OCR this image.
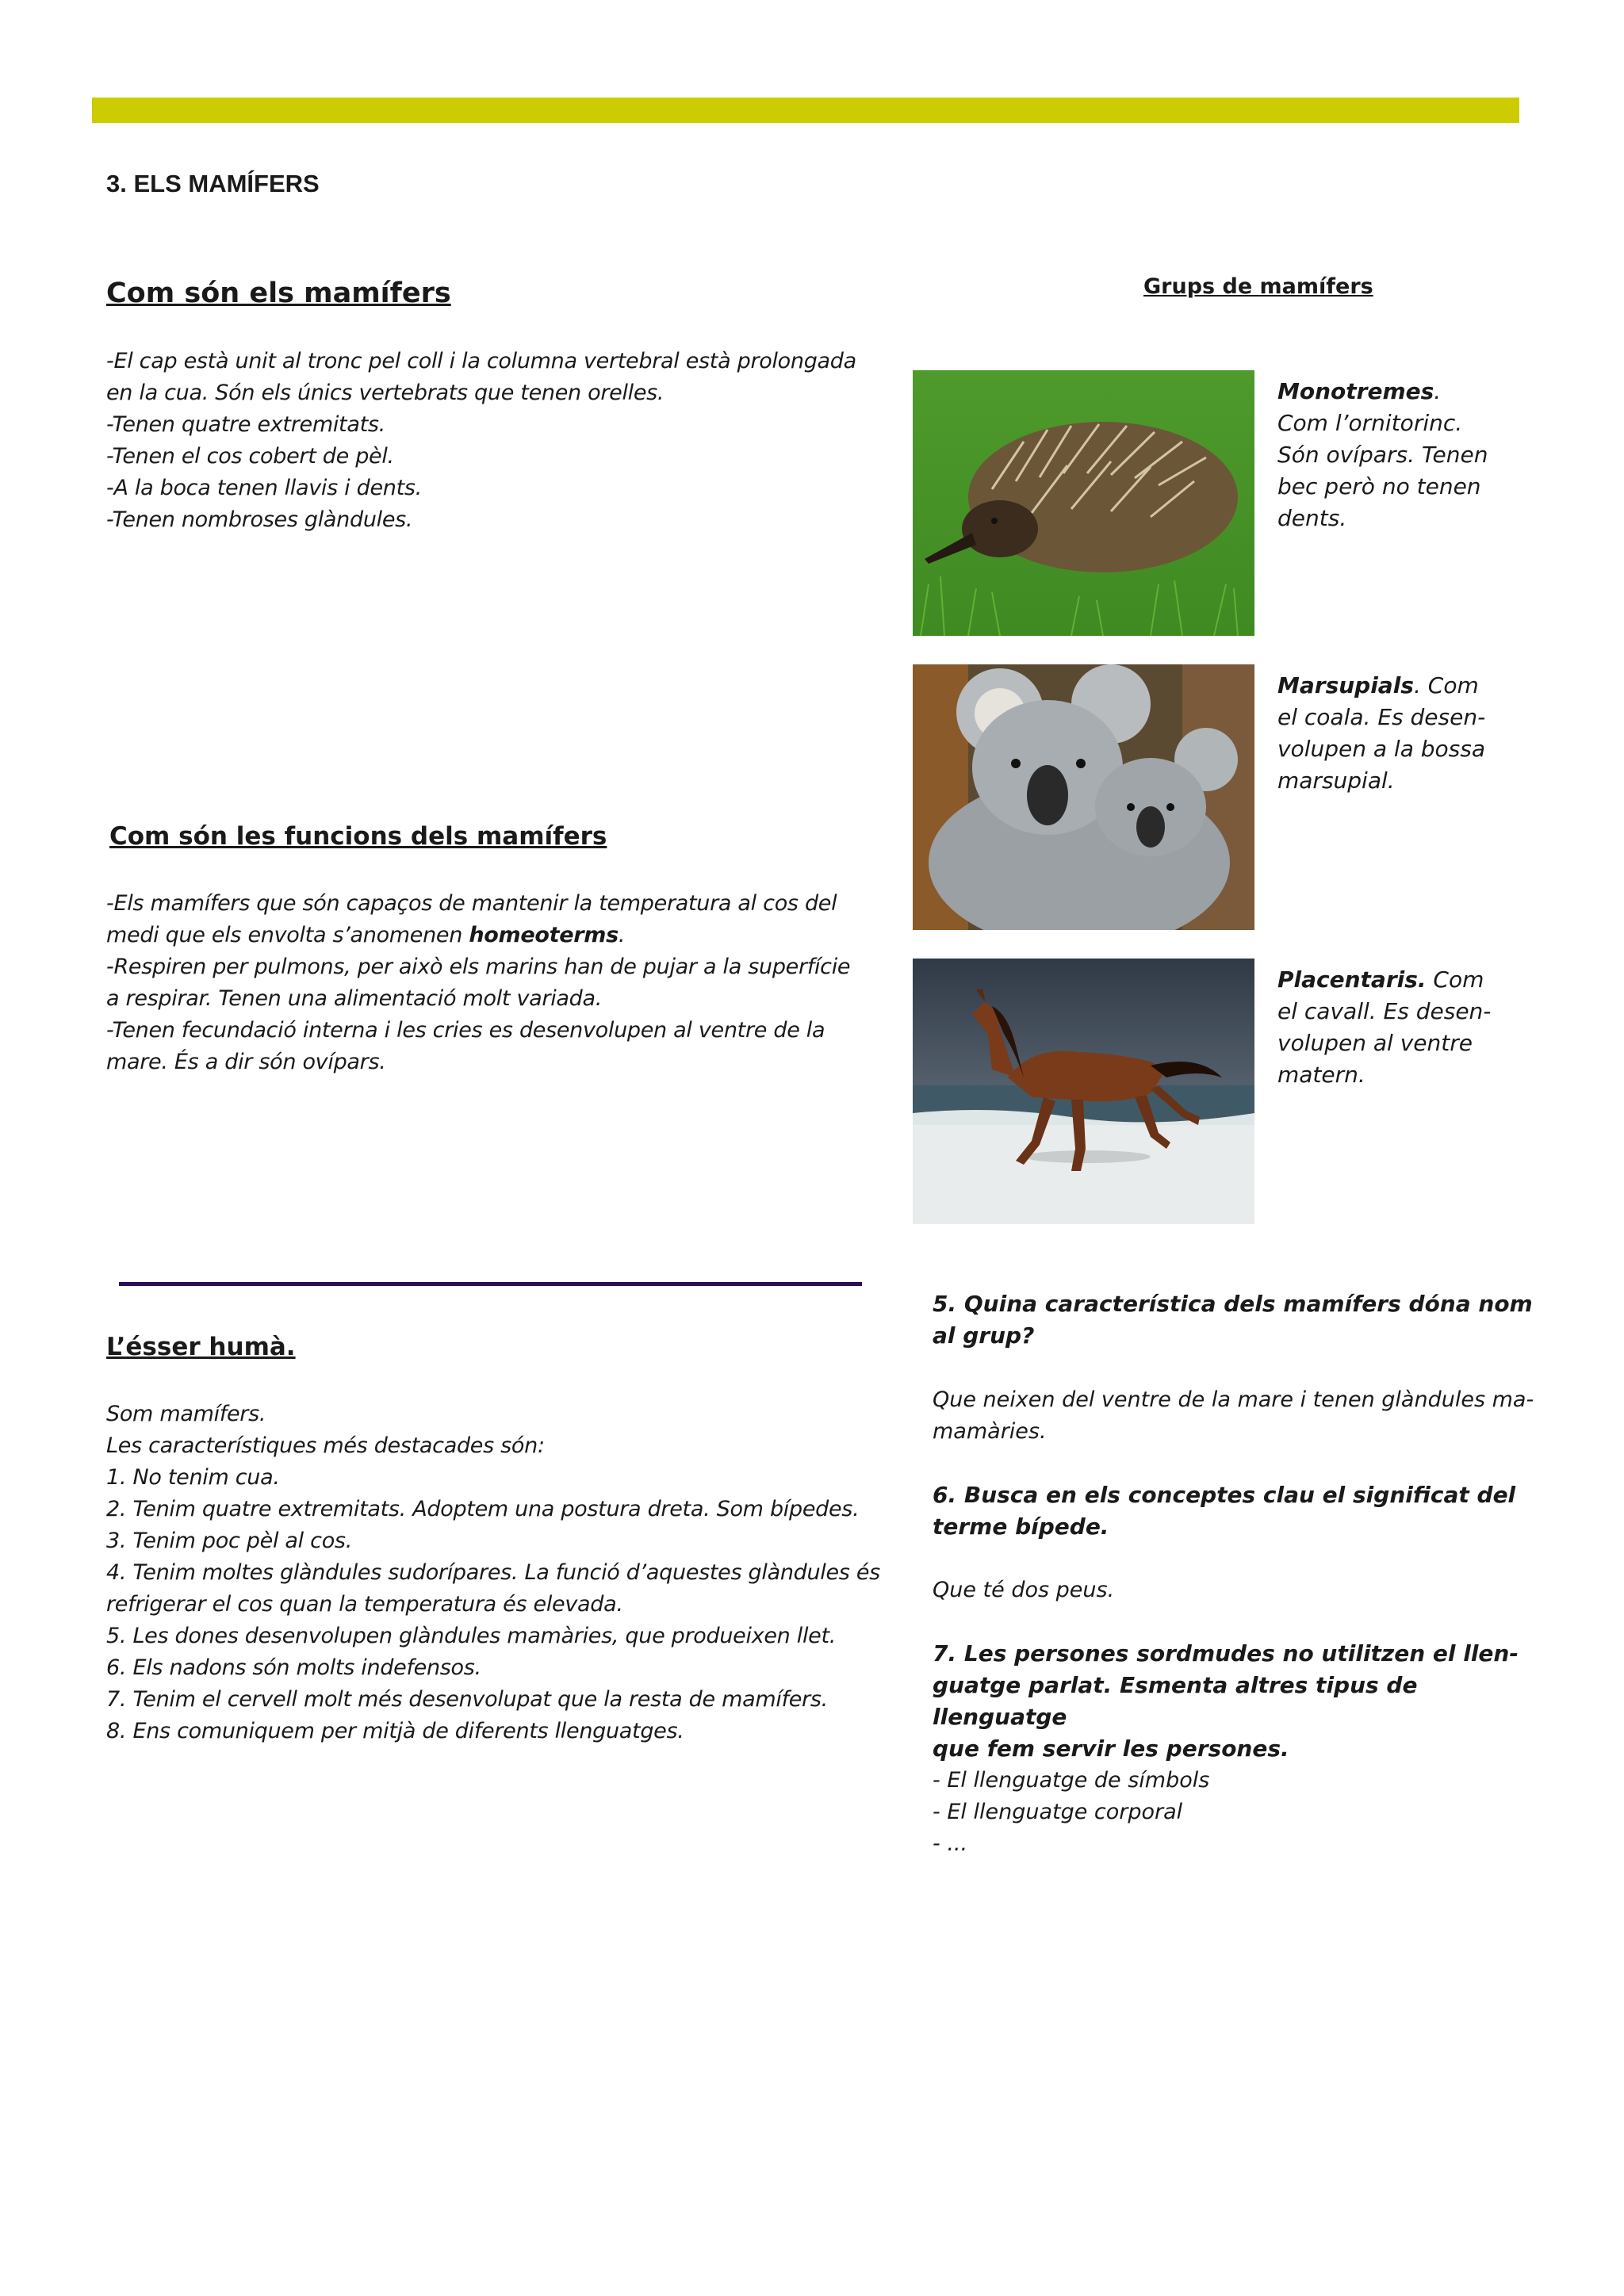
3. ELS MAMÍFERS
Com són els mamífers
-El cap està unit al tronc pel coll i la columna vertebral està prolongada
en la cua. Són els únics vertebrats que tenen orelles.
-Tenen quatre extremitats.
-Tenen el cos cobert de pèl.
-A la boca tenen llavis i dents.
-Tenen nombroses glàndules.
Com són les funcions dels mamífers
-Els mamífers que són capaços de mantenir la temperatura al cos del
medi que els envolta s’anomenen homeoterms.
-Respiren per pulmons, per això els marins han de pujar a la superfície
a respirar. Tenen una alimentació molt variada.
-Tenen fecundació interna i les cries es desenvolupen al ventre de la
mare. És a dir són ovípars.
Grups de mamífers
Monotremes.
Com l’ornitorinc.
Són ovípars. Tenen
bec però no tenen
dents.
Marsupials. Com
el coala. Es desen-
volupen a la bossa
marsupial.
Placentaris. Com
el cavall. Es desen-
volupen al ventre
matern.
L’ésser humà.
Som mamífers.
Les característiques més destacades són:
1. No tenim cua.
2. Tenim quatre extremitats. Adoptem una postura dreta. Som bípedes.
3. Tenim poc pèl al cos.
4. Tenim moltes glàndules sudorípares. La funció d’aquestes glàndules és
refrigerar el cos quan la temperatura és elevada.
5. Les dones desenvolupen glàndules mamàries, que produeixen llet.
6. Els nadons són molts indefensos.
7. Tenim el cervell molt més desenvolupat que la resta de mamífers.
8. Ens comuniquem per mitjà de diferents llenguatges.
5. Quina característica dels mamífers dóna nom
al grup?
Que neixen del ventre de la mare i tenen glàndules ma-
mamàries.
6. Busca en els conceptes clau el significat del
terme bípede.
Que té dos peus.
7. Les persones sordmudes no utilitzen el llen-
guatge parlat. Esmenta altres tipus de llenguatge
que fem servir les persones.
- El llenguatge de símbols
- El llenguatge corporal
- ...
